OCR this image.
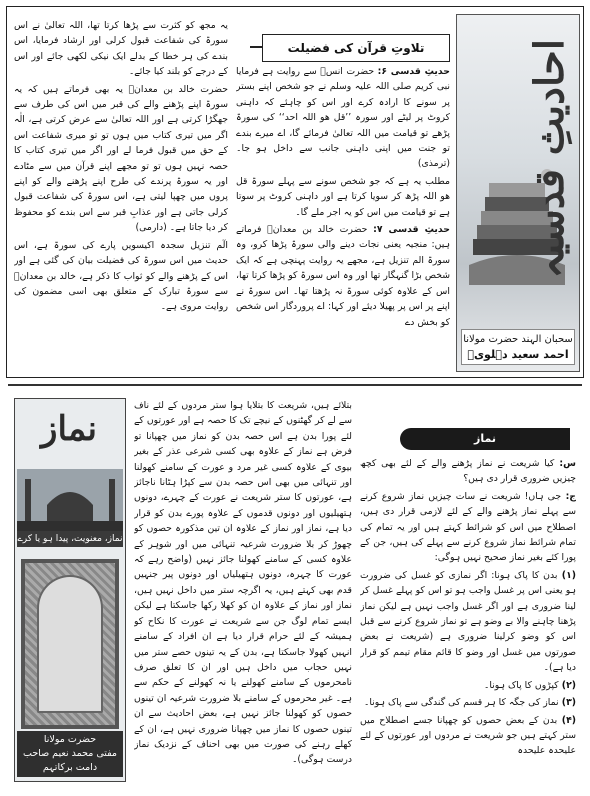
احادیثِ قدسیہ
سحبان الہند حضرت مولانا
احمد سعید دہلویؒ
تلاوتِ قرآن کی فضیلت

حدیثِ قدسی ۶: حضرت انسؓ سے روایت ہے فرمایا نبی کریم صلی اللہ علیہ وسلم نے جو شخص اپنے بستر پر سونے کا ارادہ کرے اور اس کو چاہئے کہ داہنی کروٹ پر لیٹے اور سورہ ’’قل ھو اللہ احد‘‘ کی سورۃ پڑھے تو قیامت میں اللہ تعالیٰ فرمائے گا، اے میرے بندے تو جنت میں اپنی داہنی جانب سے داخل ہو جا۔ (ترمذی)

مطلب یہ ہے کہ جو شخص سونے سے پہلے سورۃ قل ھو اللہ پڑھ کر سویا کرتا ہے اور داہنی کروٹ پر سوتا ہے تو قیامت میں اس کو یہ اجر ملے گا۔

حدیثِ قدسی ۷: حضرت خالد بن معدانؒ فرماتے ہیں: منجیہ یعنی نجات دینے والی سورۃ پڑھا کرو، وہ سورۃ الم تنزیل ہے، مجھے یہ روایت پہنچی ہے کہ ایک شخص بڑا گنہگار تھا اور وہ اس سورۃ کو پڑھا کرتا تھا، اس کے علاوہ کوئی سورۃ نہ پڑھتا تھا۔ اس سورۃ نے اپنے پر اس پر پھیلا دیئے اور کہا: اے پروردگار اس شخص کو بخش دے

یہ مجھ کو کثرت سے پڑھا کرتا تھا، اللہ تعالیٰ نے اس سورۃ کی شفاعت قبول کرلی اور ارشاد فرمایا، اس بندے کی ہر خطا کے بدلے ایک نیکی لکھی جائے اور اس کے درجے کو بلند کیا جائے۔

حضرت خالد بن معدانؒ یہ بھی فرماتے ہیں کہ یہ سورۃ اپنے پڑھنے والے کی قبر میں اس کی طرف سے جھگڑا کرتی ہے اور اللہ تعالیٰ سے عرض کرتی ہے، الٰہ اگر میں تیری کتاب میں ہوں تو تو میری شفاعت اس کے حق میں قبول فرما لے اور اگر میں تیری کتاب کا حصہ نہیں ہوں تو تو مجھے اپنے قرآن میں سے مٹادے اور یہ سورۃ پرندے کی طرح اپنے پڑھنے والے کو اپنے پروں میں چھپا لیتی ہے، اس سورۃ کی شفاعت قبول کرلی جاتی ہے اور عذابِ قبر سے اس بندے کو محفوظ کر دیا جاتا ہے۔ (دارمی)

الٓم تنزیل سجدہ اکیسویں پارے کی سورۃ ہے، اس حدیث میں اس سورۃ کی فضیلت بیان کی گئی ہے اور اس کے پڑھنے والے کو ثواب کا ذکر ہے، خالد بن معدانؒ سے سورۃ تبارک کے متعلق بھی اسی مضمون کی روایت مروی ہے۔

نماز
نماز، معنویت، پیدا ہو یا کرے
حضرت مولانا
مفتی محمد نعیم صاحب دامت برکاتہم
نماز

س: کیا شریعت نے نماز پڑھنے والے کے لئے بھی کچھ چیزیں ضروری قرار دی ہیں؟

ج: جی ہاں! شریعت نے سات چیزیں نماز شروع کرنے سے پہلے نماز پڑھنے والے کے لئے لازمی قرار دی ہیں، اصطلاح میں اس کو شرائط کہتے ہیں اور یہ تمام کی تمام شرائط نماز شروع کرنے سے پہلے کی ہیں، جن کے پورا کئے بغیر نماز صحیح نہیں ہوگی:

(۱) بدن کا پاک ہونا: اگر نمازی کو غسل کی ضرورت ہو یعنی اس پر غسل واجب ہو تو اس کو پہلے غسل کر لینا ضروری ہے اور اگر غسل واجب نہیں ہے لیکن نماز پڑھنا چاہنے والا بے وضو ہے تو نماز شروع کرنے سے قبل اس کو وضو کرلینا ضروری ہے (شریعت نے بعض صورتوں میں غسل اور وضو کا قائم مقام تیمم کو قرار دیا ہے)۔

(۲) کپڑوں کا پاک ہونا۔

(۳) نماز کی جگہ کا ہر قسم کی گندگی سے پاک ہونا۔

(۴) بدن کے بعض حصوں کو چھپانا جسے اصطلاح میں ستر کہتے ہیں جو شریعت نے مردوں اور عورتوں کے لئے علیحدہ علیحدہ

بتلائے ہیں، شریعت کا بتلایا ہوا ستر مردوں کے لئے ناف سے لے کر گھٹنوں کے نیچے تک کا حصہ ہے اور عورتوں کے لئے پورا بدن ہے اس حصہ بدن کو نماز میں چھپانا تو فرض ہے نماز کے علاوہ بھی کسی شرعی عذر کے بغیر بیوی کے علاوہ کسی غیر مرد و عورت کے سامنے کھولنا اور تنہائی میں بھی اس حصہ بدن سے کپڑا ہٹانا ناجائز ہے، عورتوں کا ستر شریعت نے عورت کے چہرے، دونوں ہتھیلیوں اور دونوں قدموں کے علاوہ پورے بدن کو قرار دیا ہے، نماز اور نماز کے علاوہ ان تین مذکورہ حصوں کو چھوڑ کر بلا ضرورت شرعیہ تنہائی میں اور شوہر کے علاوہ کسی کے سامنے کھولنا جائز نہیں (واضح رہے کہ عورت کا چہرہ، دونوں ہتھیلیاں اور دونوں پیر جنہیں قدم بھی کہتے ہیں، یہ اگرچہ ستر میں داخل نہیں ہیں، نماز اور نماز کے علاوہ ان کو کھلا رکھا جاسکتا ہے لیکن ایسے تمام لوگ جن سے شریعت نے عورت کا نکاح کو ہمیشہ کے لئے حرام قرار دیا ہے ان افراد کے سامنے انہیں کھولا جاسکتا ہے، بدن کے یہ تینوں حصے ستر میں نہیں حجاب میں داخل ہیں اور ان کا تعلق صرف نامحرموں کے سامنے کھولنے یا نہ کھولنے کے حکم سے ہے۔ غیر محرموں کے سامنے بلا ضرورت شرعیہ ان تینوں حصوں کو کھولنا جائز نہیں ہے، بعض احادیث سے ان تینوں حصوں کا نماز میں چھپانا ضروری نہیں ہے، ان کے کھلے رہنے کی صورت میں بھی احناف کے نزدیک نماز درست ہوگی)۔
